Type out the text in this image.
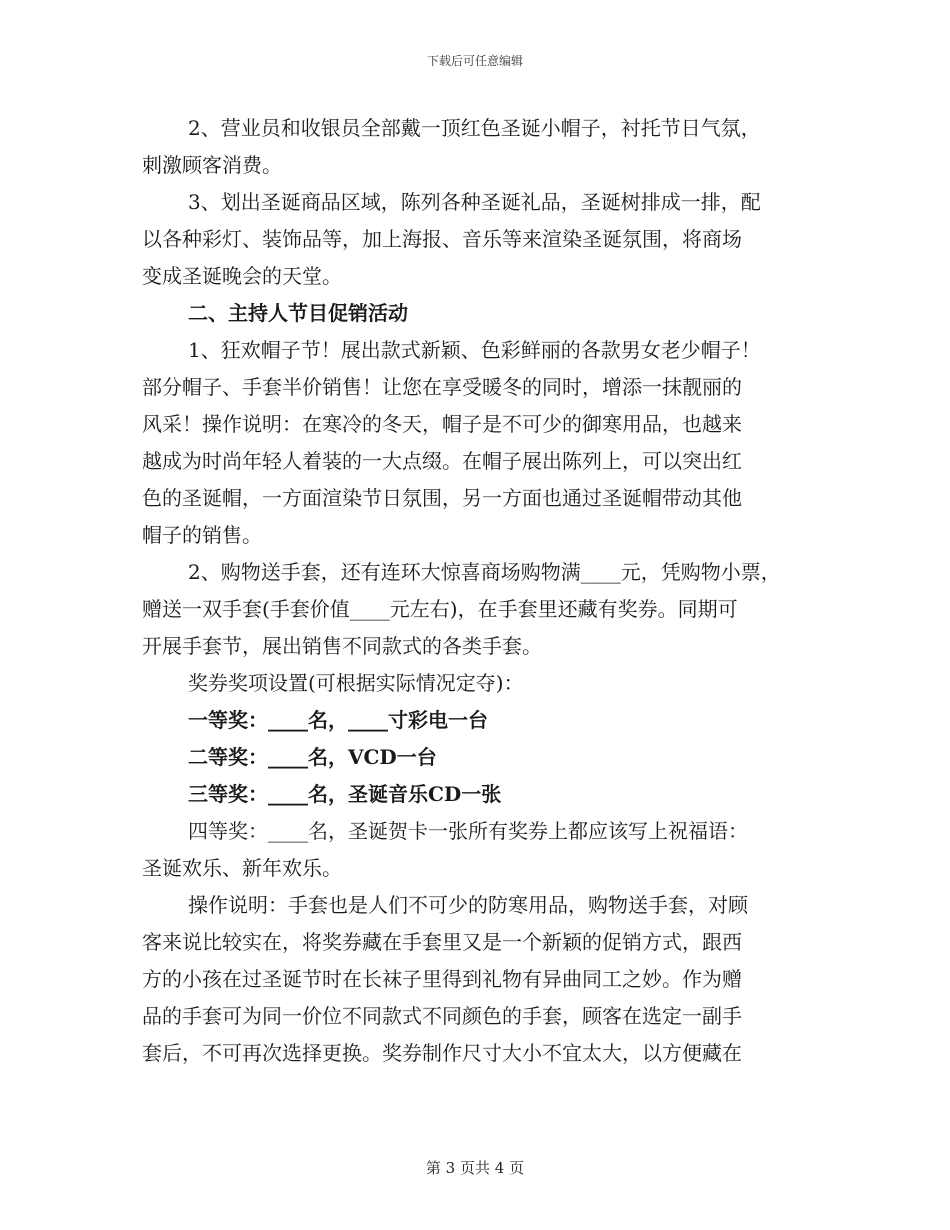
下载后可任意编辑
2、营业员和收银员全部戴一顶红色圣诞小帽子，衬托节日气氛，
刺激顾客消费。
3、划出圣诞商品区域，陈列各种圣诞礼品，圣诞树排成一排，配
以各种彩灯、装饰品等，加上海报、音乐等来渲染圣诞氛围，将商场
变成圣诞晚会的天堂。
二、主持人节目促销活动
1、狂欢帽子节！展出款式新颖、色彩鲜丽的各款男女老少帽子！
部分帽子、手套半价销售！让您在享受暖冬的同时，增添一抹靓丽的
风采！操作说明：在寒冷的冬天，帽子是不可少的御寒用品，也越来
越成为时尚年轻人着装的一大点缀。在帽子展出陈列上，可以突出红
色的圣诞帽，一方面渲染节日氛围，另一方面也通过圣诞帽带动其他
帽子的销售。
2、购物送手套，还有连环大惊喜商场购物满____元，凭购物小票，
赠送一双手套(手套价值____元左右)，在手套里还藏有奖券。同期可
开展手套节，展出销售不同款式的各类手套。
奖券奖项设置(可根据实际情况定夺)：
一等奖：____名，____寸彩电一台
二等奖：____名，VCD一台
三等奖：____名，圣诞音乐CD一张
四等奖：____名，圣诞贺卡一张所有奖券上都应该写上祝福语：
圣诞欢乐、新年欢乐。
操作说明：手套也是人们不可少的防寒用品，购物送手套，对顾
客来说比较实在，将奖券藏在手套里又是一个新颖的促销方式，跟西
方的小孩在过圣诞节时在长袜子里得到礼物有异曲同工之妙。作为赠
品的手套可为同一价位不同款式不同颜色的手套，顾客在选定一副手
套后，不可再次选择更换。奖券制作尺寸大小不宜太大，以方便藏在
第 3 页共 4 页
